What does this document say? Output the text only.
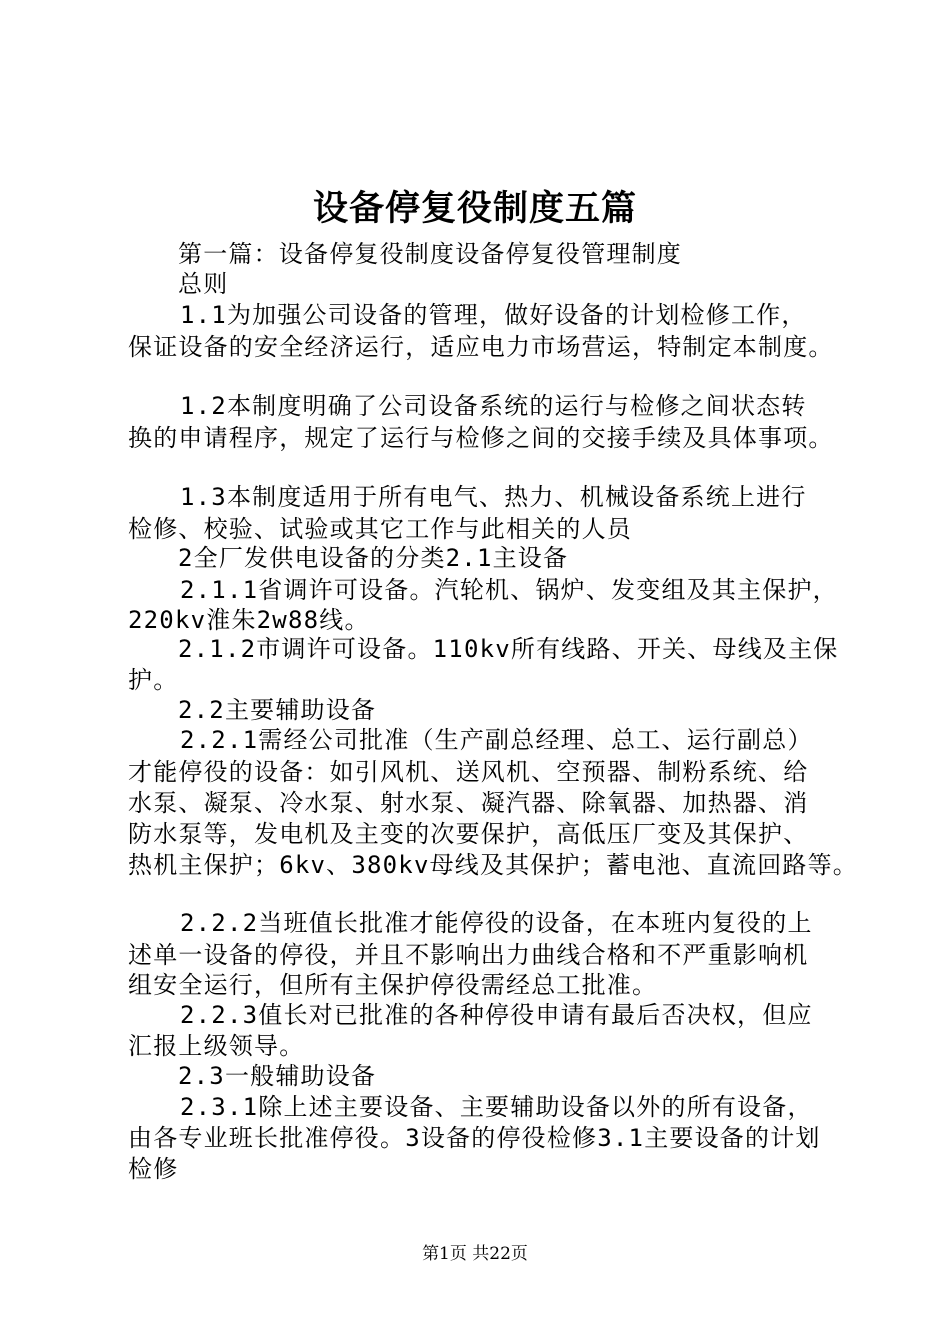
设备停复役制度五篇
第一篇：设备停复役制度设备停复役管理制度
总则
1.1为加强公司设备的管理，做好设备的计划检修工作，
保证设备的安全经济运行，适应电力市场营运，特制定本制度。
1.2本制度明确了公司设备系统的运行与检修之间状态转
换的申请程序，规定了运行与检修之间的交接手续及具体事项。
1.3本制度适用于所有电气、热力、机械设备系统上进行
检修、校验、试验或其它工作与此相关的人员
2全厂发供电设备的分类2.1主设备
2.1.1省调许可设备。汽轮机、锅炉、发变组及其主保护，
220kv淮朱2w88线。
2.1.2市调许可设备。110kv所有线路、开关、母线及主保
护。
2.2主要辅助设备
2.2.1需经公司批准（生产副总经理、总工、运行副总）
才能停役的设备：如引风机、送风机、空预器、制粉系统、给
水泵、凝泵、冷水泵、射水泵、凝汽器、除氧器、加热器、消
防水泵等，发电机及主变的次要保护，高低压厂变及其保护、
热机主保护；6kv、380kv母线及其保护；蓄电池、直流回路等。
2.2.2当班值长批准才能停役的设备，在本班内复役的上
述单一设备的停役，并且不影响出力曲线合格和不严重影响机
组安全运行，但所有主保护停役需经总工批准。
2.2.3值长对已批准的各种停役申请有最后否决权，但应
汇报上级领导。
2.3一般辅助设备
2.3.1除上述主要设备、主要辅助设备以外的所有设备，
由各专业班长批准停役。3设备的停役检修3.1主要设备的计划
检修
第1页 共22页
